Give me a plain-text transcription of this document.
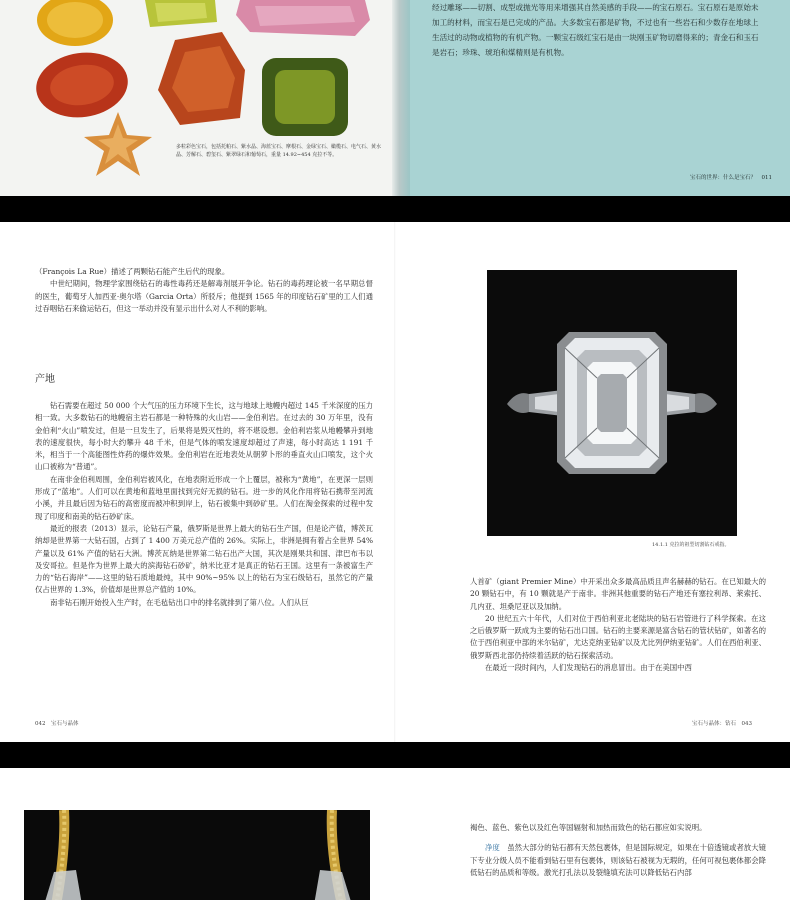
多粒彩色宝石，包括托帕石、紫水晶、海蓝宝石、摩根石、金绿宝石、橄榄石、电气石、黄水晶、芳解石、碧玺石、紫翠绿石和葡萄石，重量 14.92~454 克拉不等。

经过雕琢——切割、成型或抛光等用来增强其自然美感的手段——的宝石原石。宝石原石是原始未加工的材料，而宝石是已完成的产品。大多数宝石都是矿物，不过也有一些岩石和少数存在地球上生活过的动物或植物的有机产物。一颗宝石级红宝石是由一块刚玉矿物切磨得来的；青金石和玉石是岩石；珍珠、琥珀和煤精则是有机物。

宝石的世界：什么是宝石？　011

（François La Rue）描述了两颗钻石能产生后代的现象。

中世纪期间，物理学家围绕钻石的毒性毒药还是解毒剂展开争论。钻石的毒药理论被一名早期总督的医生，葡萄牙人加西亚·奥尔塔（Garcia Orta）所驳斥；他提到 1565 年的印度钻石矿里的工人们通过吞咽钻石来偷运钻石，但这一举动并没有显示出什么对人不利的影响。

产地

钻石需要在超过 50 000 个大气压的压力环境下生长，这与地球上地幔内超过 145 千米深度的压力相一致。大多数钻石的地幔宿主岩石都是一种特殊的火山岩——金伯利岩。在过去的 30 万年里，没有金伯利“火山”喷发过，但是一旦发生了，后果将是毁灭性的，将不堪设想。金伯利岩浆从地幔攀升到地表的速度很快，每小时大约攀升 48 千米，但是气体的喷发速度却超过了声速，每小时高达 1 191 千米，相当于一个高能图性炸药的爆炸效果。金伯利岩在近地表处从朝萝卜形的垂直火山口喷发，这个火山口被称为“普通”。

在南非金伯利周围，金伯利岩被风化，在地表附近形成一个上覆层，被称为“黄地”，在更深一层则形成了“蓝地”。人们可以在黄地和蓝地里面找到完好无损的钻石。进一步的风化作用将钻石携带至河流小溪，并且最后因为钻石的高密度而被冲积到岸上，钻石被集中到砂矿里。人们在淘金探索的过程中发现了印度和南美的钻石砂矿床。

最近的报表（2013）显示，论钻石产量，俄罗斯是世界上最大的钻石生产国，但是论产值，博茨瓦纳却是世界第一大钻石国，占到了 1 400 万美元总产值的 26%。实际上，非洲是拥有着占全世界 54% 产量以及 61% 产值的钻石大洲。博茨瓦纳是世界第二钻石出产大国，其次是刚果共和国、津巴布韦以及安哥拉。但是作为世界上最大的滨海钻石砂矿，纳米比亚才是真正的钻石王国。这里有一条被富生产力的“钻石海岸”——这里的钻石质地最纯，其中 90%~95% 以上的钻石为宝石级钻石，虽然它的产量仅占世界的 1.3%，价值却是世界总产值的 10%。

南非钻石刚开始投入生产时，在毛毡钻出口中的排名就排到了第八位。人们从巨

14.1.1 克拉的祖型切割钻石戒指。

人首矿（giant Premier Mine）中开采出众多最高品质且声名赫赫的钻石。在已知最大的 20 颗钻石中，有 10 颗就是产于南非。非洲其他重要的钻石产地还有塞拉利昂、莱索托、几内亚、坦桑尼亚以及加纳。

20 世纪五六十年代，人们对位于西伯利亚北老陆块的钻石岩管进行了科学探索。在这之后俄罗斯一跃成为主要的钻石出口国。钻石的主要来源是富含钻石的管状钻矿，如著名的位于西伯利亚中部的米尔钻矿，尤达克纳亚钻矿以及尤比列伊纳亚钻矿。人们在西伯利亚、俄罗斯西北部仍持续着活跃的钻石探索活动。

在最近一段时间内，人们发现钻石的消息冒出。由于在美国中西

042　宝石与晶体	宝石与晶体：钻石　043

褐色、蓝色、紫色以及红色等国辐射和加热而致色的钻石都应如实说明。

净度　 虽然大部分的钻石都有天然包裹体，但是国际规定，如果在十倍透镜或者放大镜下专业分级人员不能看到钻石里有包裹体，则该钻石被视为无瑕的，任何可视包裹体都会降低钻石的品质和等级。激光打孔法以及裂缝填充法可以降低钻石内部
